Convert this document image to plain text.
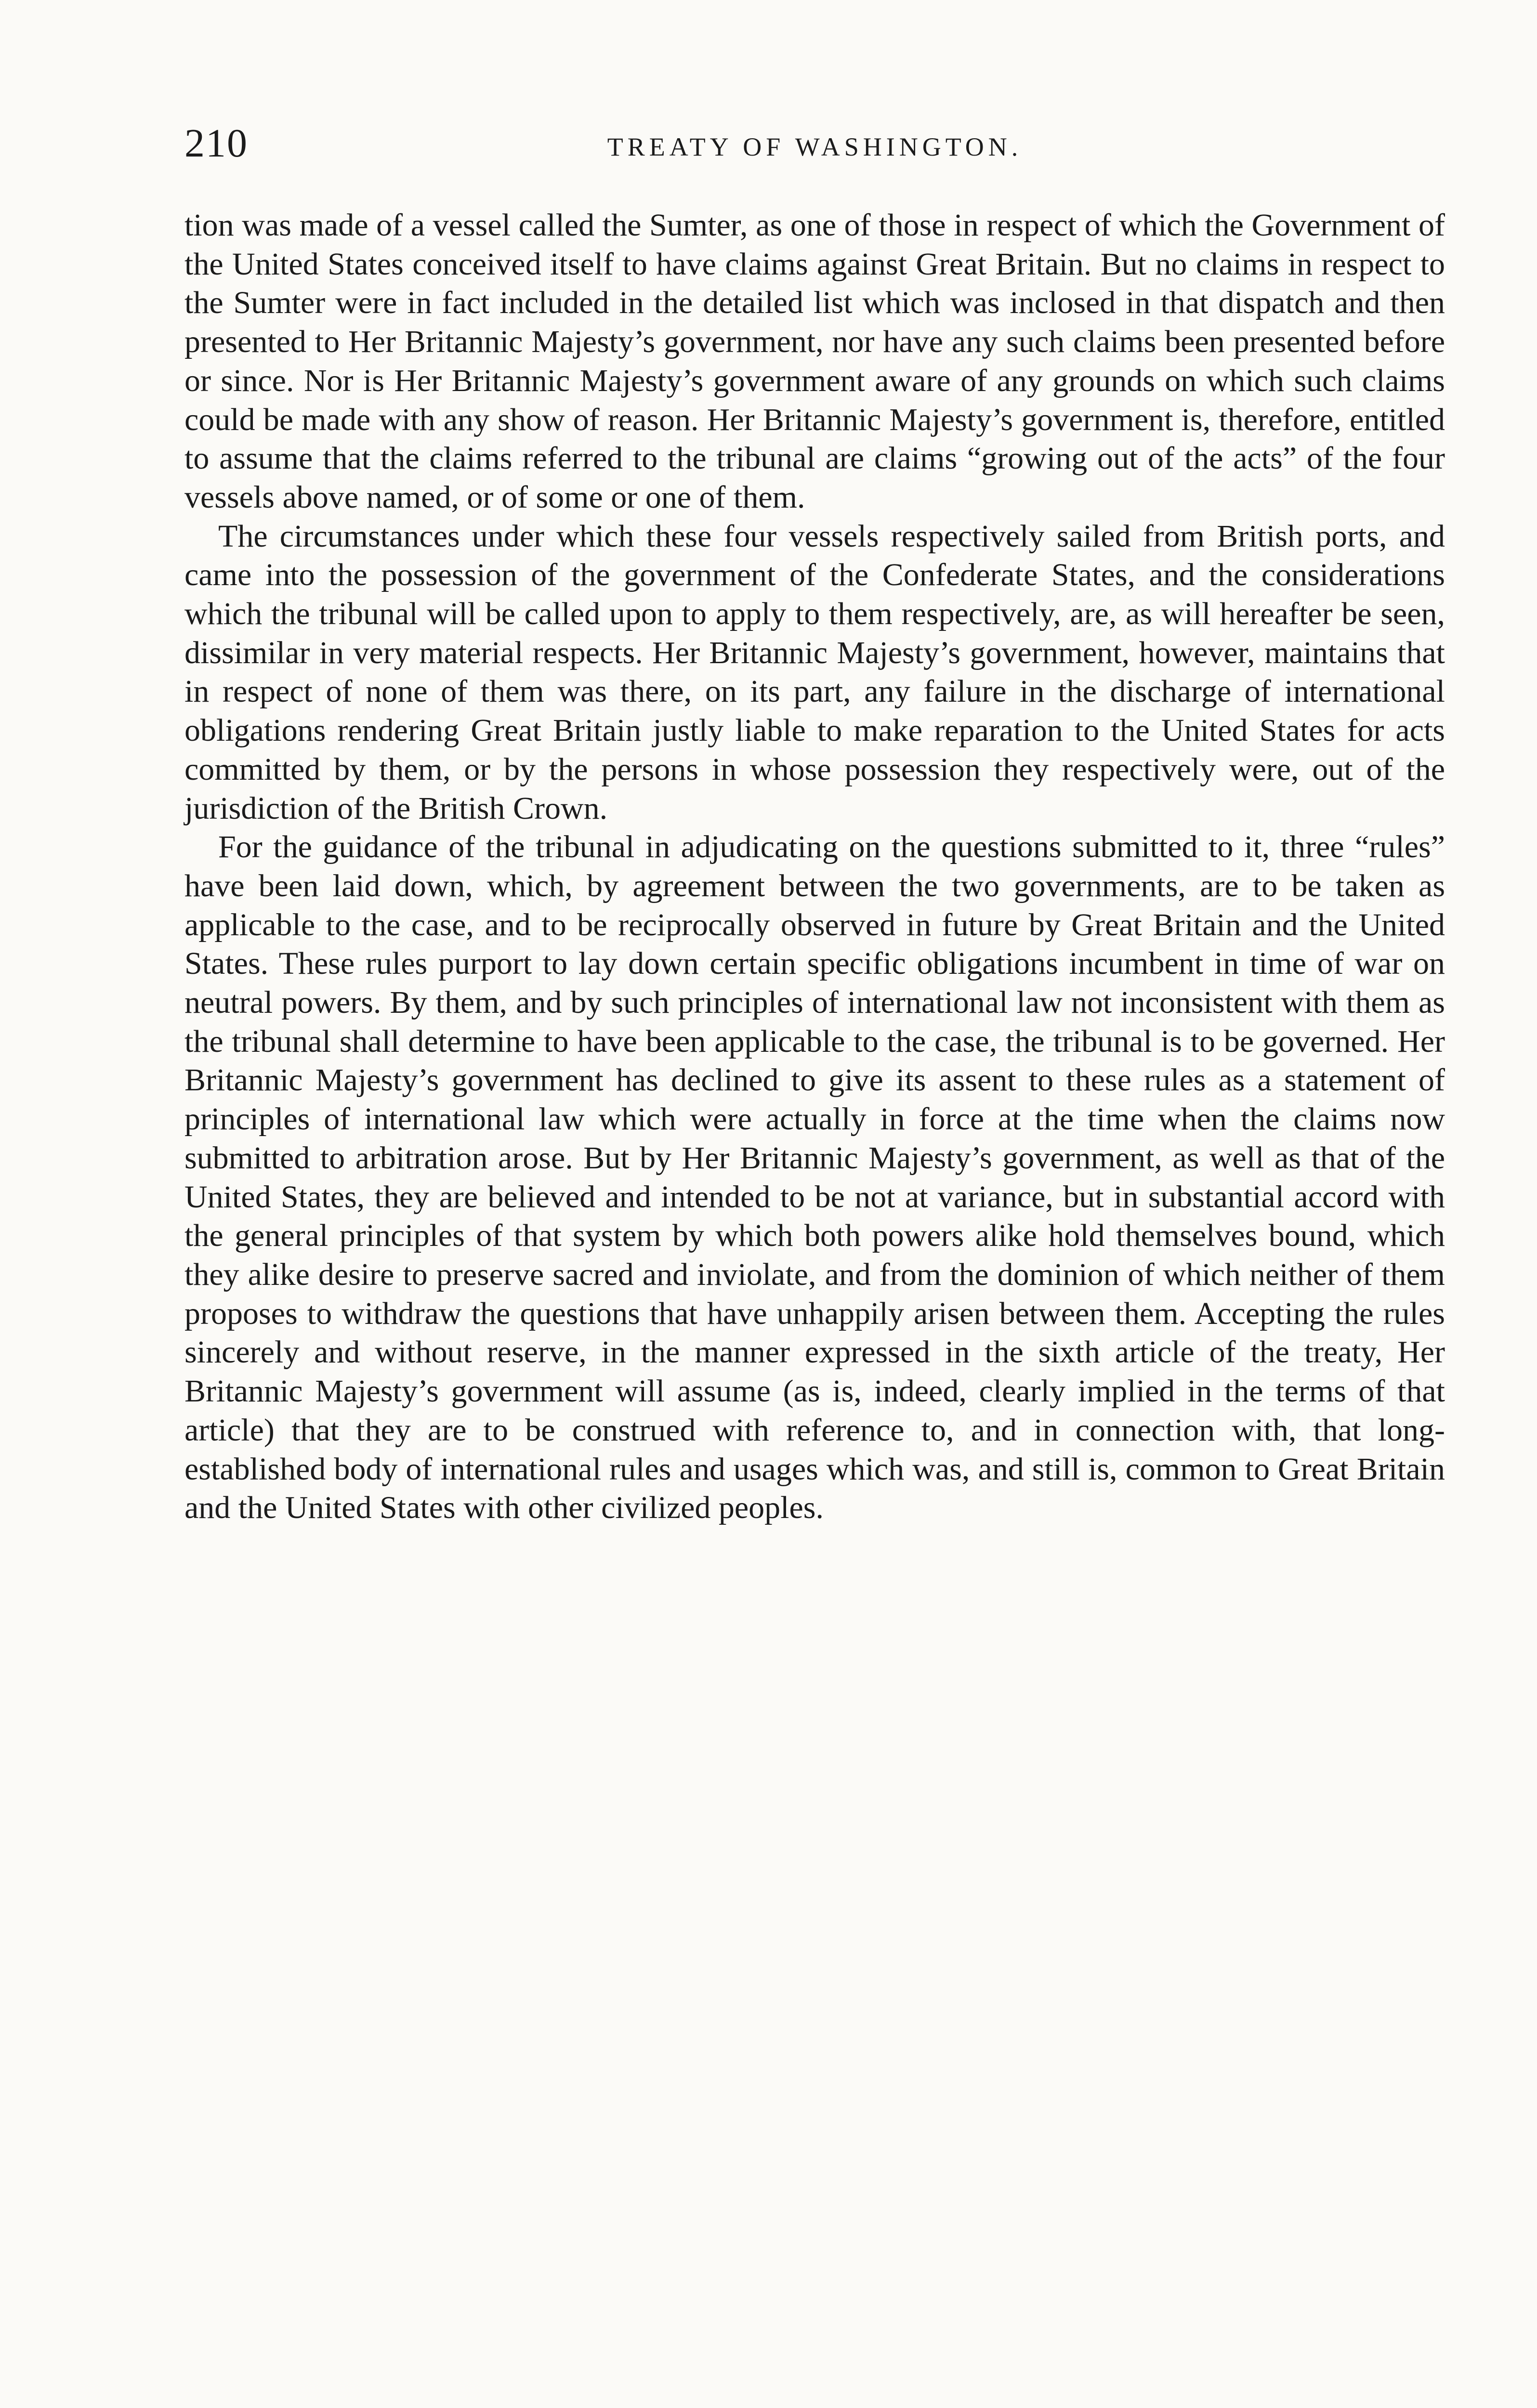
210	TREATY OF WASHINGTON.

tion was made of a vessel called the Sumter, as one of those in respect of which the Government of the United States conceived itself to have claims against Great Britain. But no claims in respect to the Sumter were in fact included in the detailed list which was inclosed in that dispatch and then presented to Her Britannic Majesty’s government, nor have any such claims been presented before or since. Nor is Her Britannic Majesty’s government aware of any grounds on which such claims could be made with any show of reason. Her Britannic Majesty’s government is, therefore, entitled to assume that the claims referred to the tribunal are claims “growing out of the acts” of the four vessels above named, or of some or one of them.

The circumstances under which these four vessels respectively sailed from British ports, and came into the possession of the government of the Confederate States, and the considerations which the tribunal will be called upon to apply to them respectively, are, as will hereafter be seen, dissimilar in very material respects. Her Britannic Majesty’s government, however, maintains that in respect of none of them was there, on its part, any failure in the discharge of international obligations rendering Great Britain justly liable to make reparation to the United States for acts committed by them, or by the persons in whose possession they respectively were, out of the jurisdiction of the British Crown.

For the guidance of the tribunal in adjudicating on the questions submitted to it, three “rules” have been laid down, which, by agreement between the two governments, are to be taken as applicable to the case, and to be reciprocally observed in future by Great Britain and the United States. These rules purport to lay down certain specific obligations incumbent in time of war on neutral powers. By them, and by such principles of international law not inconsistent with them as the tribunal shall determine to have been applicable to the case, the tribunal is to be governed. Her Britannic Majesty’s government has declined to give its assent to these rules as a statement of principles of international law which were actually in force at the time when the claims now submitted to arbitration arose. But by Her Britannic Majesty’s government, as well as that of the United States, they are believed and intended to be not at variance, but in substantial accord with the general principles of that system by which both powers alike hold themselves bound, which they alike desire to preserve sacred and inviolate, and from the dominion of which neither of them proposes to withdraw the questions that have unhappily arisen between them. Accepting the rules sincerely and without reserve, in the manner expressed in the sixth article of the treaty, Her Britannic Majesty’s government will assume (as is, indeed, clearly implied in the terms of that article) that they are to be construed with reference to, and in connection with, that long-established body of international rules and usages which was, and still is, common to Great Britain and the United States with other civilized peoples.
